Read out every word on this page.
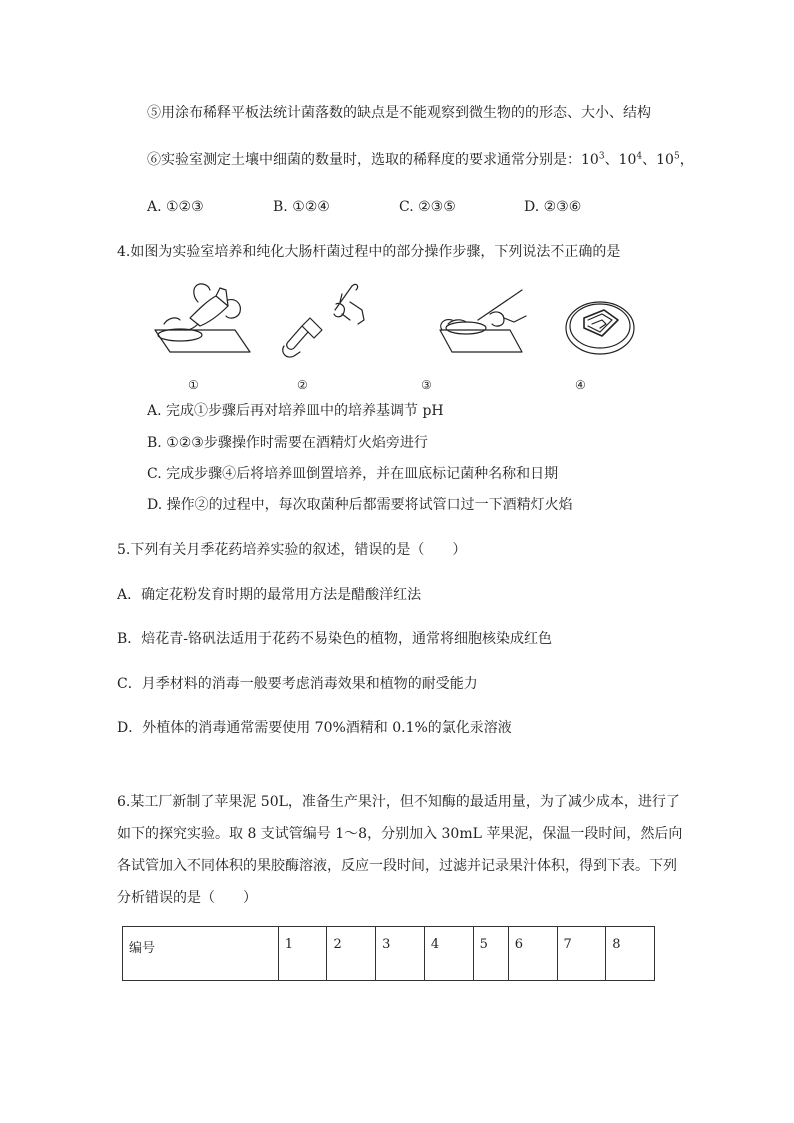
⑤用涂布稀释平板法统计菌落数的缺点是不能观察到微生物的的形态、大小、结构
⑥实验室测定土壤中细菌的数量时，选取的稀释度的要求通常分别是：$10^3$、$10^4$、$10^5$，
A. ①②③	B. ①②④	C. ②③⑤	D. ②③⑥
4.如图为实验室培养和纯化大肠杆菌过程中的部分操作步骤，下列说法不正确的是
①	②	③	④
A. 完成①步骤后再对培养皿中的培养基调节 pH
B. ①②③步骤操作时需要在酒精灯火焰旁进行
C. 完成步骤④后将培养皿倒置培养，并在皿底标记菌种名称和日期
D. 操作②的过程中，每次取菌种后都需要将试管口过一下酒精灯火焰
5.下列有关月季花药培养实验的叙述，错误的是（　　）
A．确定花粉发育时期的最常用方法是醋酸洋红法
B．焙花青-铬矾法适用于花药不易染色的植物，通常将细胞核染成红色
C．月季材料的消毒一般要考虑消毒效果和植物的耐受能力
D．外植体的消毒通常需要使用 70%酒精和 0.1%的氯化汞溶液
6.某工厂新制了苹果泥 50L，准备生产果汁，但不知酶的最适用量，为了减少成本，进行了
如下的探究实验。取 8 支试管编号 1～8，分别加入 30mL 苹果泥，保温一段时间，然后向
各试管加入不同体积的果胶酶溶液，反应一段时间，过滤并记录果汁体积，得到下表。下列
分析错误的是（　　）
编号	1	2	3	4	5	6	7	8
